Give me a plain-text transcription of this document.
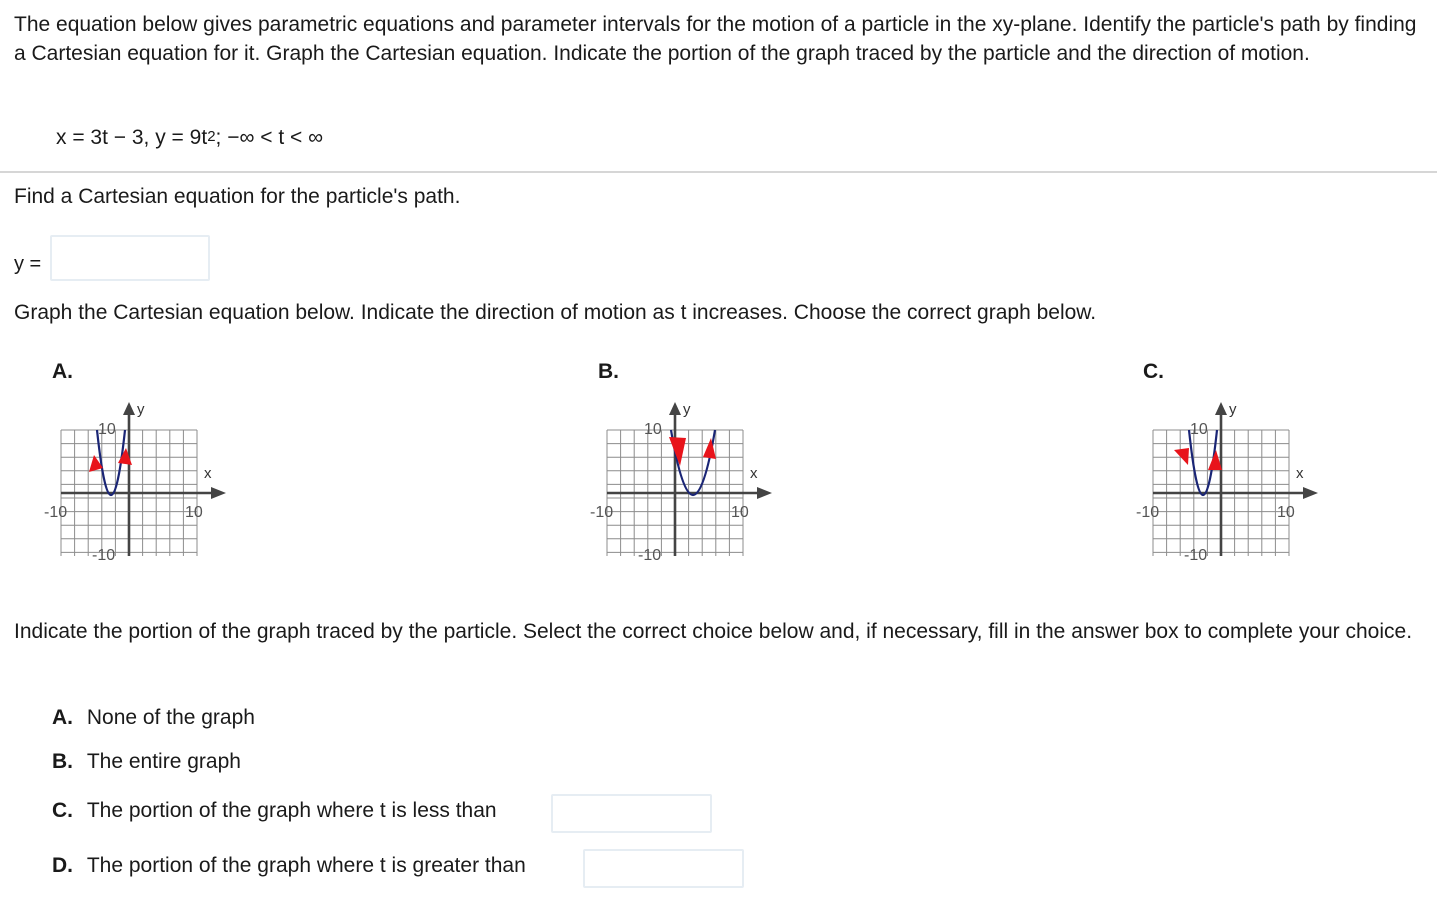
The equation below gives parametric equations and parameter intervals for the motion of a particle in the xy-plane. Identify the particle's path by finding a Cartesian equation for it. Graph the Cartesian equation. Indicate the portion of the graph traced by the particle and the direction of motion.
x = 3t − 3, $y = 9t^2$; −∞ < t < ∞
Find a Cartesian equation for the particle's path.
y =
Graph the Cartesian equation below. Indicate the direction of motion as t increases. Choose the correct graph below.
A.
10
-10	10
-10
x
y
B.
10
-10	10
-10
x
y
C.
10
-10	10
-10
x
y
Indicate the portion of the graph traced by the particle. Select the correct choice below and, if necessary, fill in the answer box to complete your choice.
A. None of the graph
B. The entire graph
C. The portion of the graph where t is less than
D. The portion of the graph where t is greater than
